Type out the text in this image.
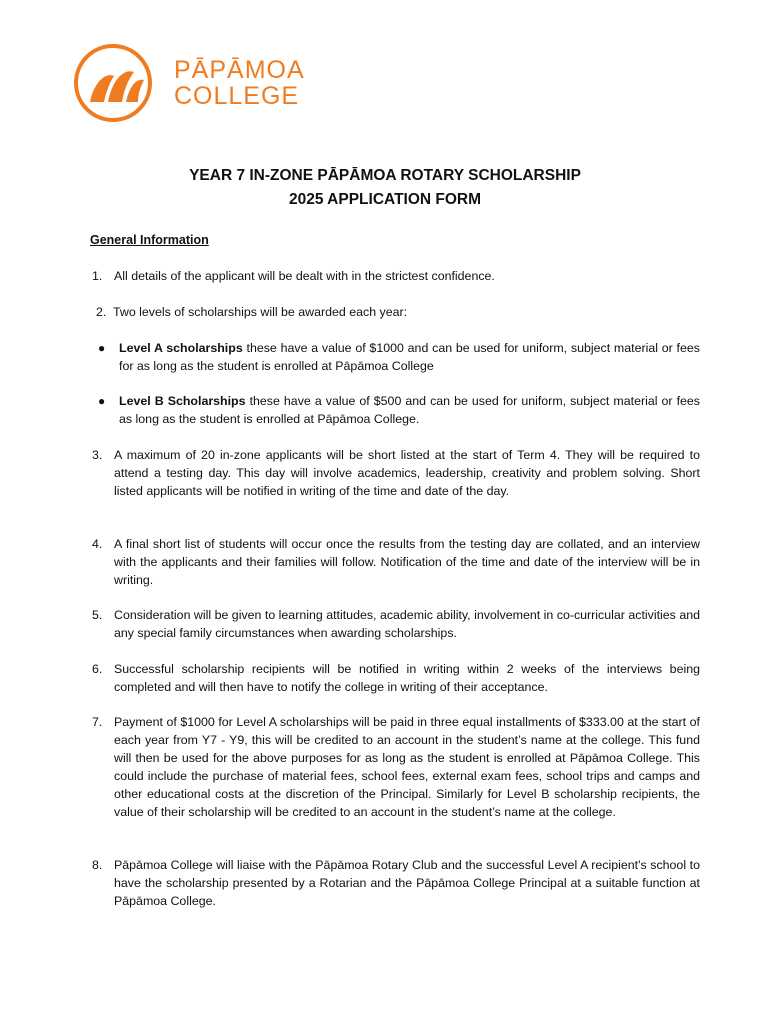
PĀPĀMOA
COLLEGE
YEAR 7 IN-ZONE PĀPĀMOA ROTARY SCHOLARSHIP
2025 APPLICATION FORM
General Information
1. All details of the applicant will be dealt with in the strictest confidence.
2. Two levels of scholarships will be awarded each year:
● Level A scholarships these have a value of $1000 and can be used for uniform, subject material or fees for as long as the student is enrolled at Pāpāmoa College
● Level B Scholarships these have a value of $500 and can be used for uniform, subject material or fees as long as the student is enrolled at Pāpāmoa College.
3. A maximum of 20 in-zone applicants will be short listed at the start of Term 4. They will be required to attend a testing day. This day will involve academics, leadership, creativity and problem solving. Short listed applicants will be notified in writing of the time and date of the day.
4. A final short list of students will occur once the results from the testing day are collated, and an interview with the applicants and their families will follow. Notification of the time and date of the interview will be in writing.
5. Consideration will be given to learning attitudes, academic ability, involvement in co-curricular activities and any special family circumstances when awarding scholarships.
6. Successful scholarship recipients will be notified in writing within 2 weeks of the interviews being completed and will then have to notify the college in writing of their acceptance.
7. Payment of $1000 for Level A scholarships will be paid in three equal installments of $333.00 at the start of each year from Y7 - Y9, this will be credited to an account in the student’s name at the college. This fund will then be used for the above purposes for as long as the student is enrolled at Pāpāmoa College. This could include the purchase of material fees, school fees, external exam fees, school trips and camps and other educational costs at the discretion of the Principal. Similarly for Level B scholarship recipients, the value of their scholarship will be credited to an account in the student’s name at the college.
8. Pāpāmoa College will liaise with the Pāpāmoa Rotary Club and the successful Level A recipient's school to have the scholarship presented by a Rotarian and the Pāpāmoa College Principal at a suitable function at Pāpāmoa College.
